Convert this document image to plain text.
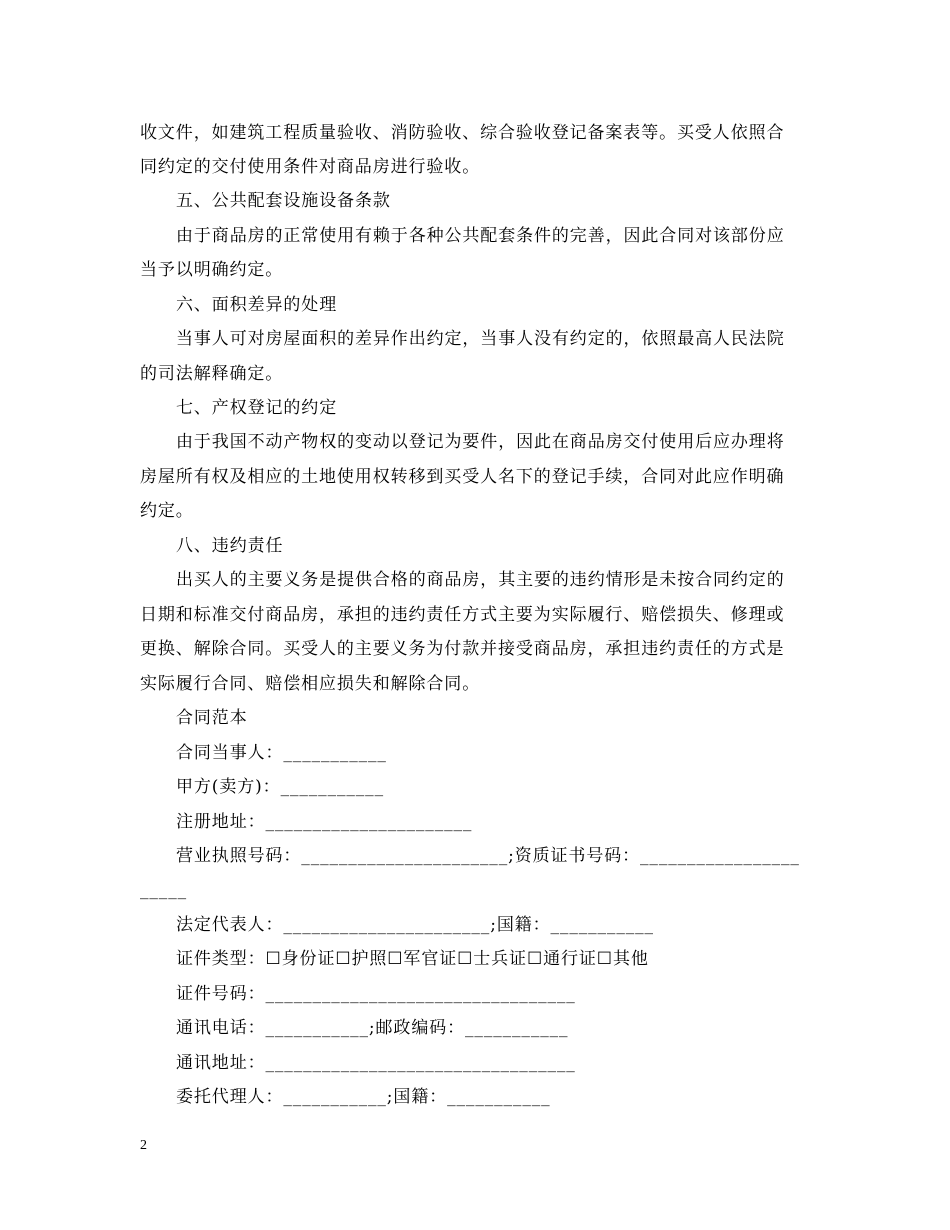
收文件，如建筑工程质量验收、消防验收、综合验收登记备案表等。买受人依照合
同约定的交付使用条件对商品房进行验收。
五、公共配套设施设备条款
由于商品房的正常使用有赖于各种公共配套条件的完善，因此合同对该部份应
当予以明确约定。
六、面积差异的处理
当事人可对房屋面积的差异作出约定，当事人没有约定的，依照最高人民法院
的司法解释确定。
七、产权登记的约定
由于我国不动产物权的变动以登记为要件，因此在商品房交付使用后应办理将
房屋所有权及相应的土地使用权转移到买受人名下的登记手续，合同对此应作明确
约定。
八、违约责任
出买人的主要义务是提供合格的商品房，其主要的违约情形是未按合同约定的
日期和标准交付商品房，承担的违约责任方式主要为实际履行、赔偿损失、修理或
更换、解除合同。买受人的主要义务为付款并接受商品房，承担违约责任的方式是
实际履行合同、赔偿相应损失和解除合同。
合同范本
合同当事人：___________
甲方(卖方)：___________
注册地址：______________________
营业执照号码：______________________;资质证书号码：_________________
_____
法定代表人：______________________;国籍：___________
证件类型：☐身份证☐护照☐军官证☐士兵证☐通行证☐其他
证件号码：_________________________________
通讯电话：___________;邮政编码：___________
通讯地址：_________________________________
委托代理人：___________;国籍：___________
2
